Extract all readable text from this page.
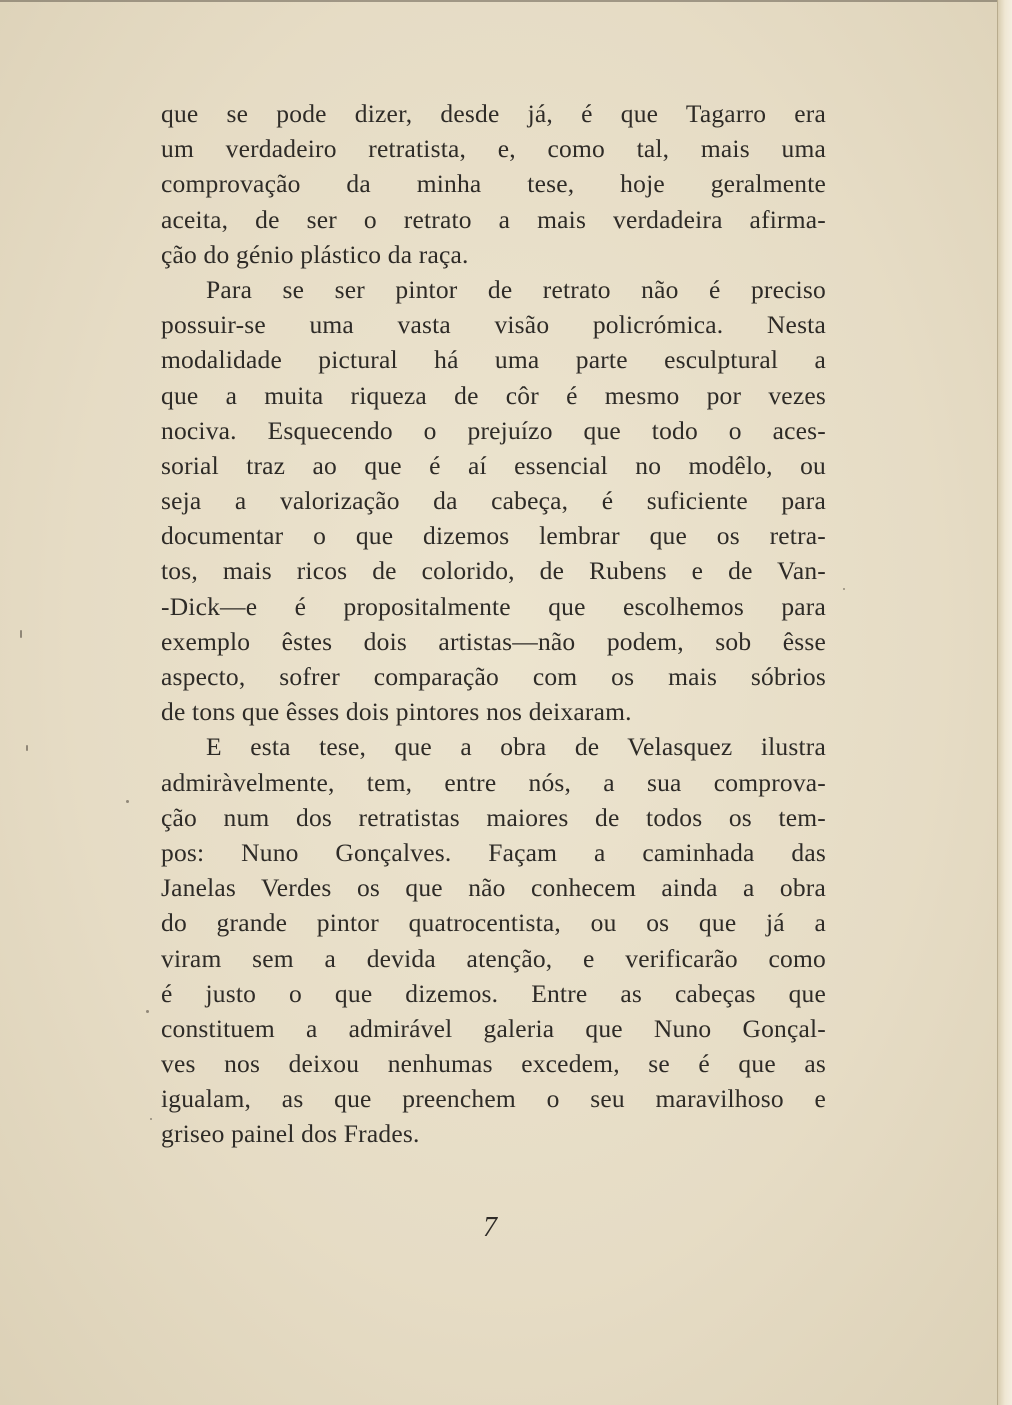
que se pode dizer, desde já, é que Tagarro era
um verdadeiro retratista, e, como tal, mais uma
comprovação da minha tese, hoje geralmente
aceita, de ser o retrato a mais verdadeira afirma-
ção do génio plástico da raça.
Para se ser pintor de retrato não é preciso
possuir-se uma vasta visão policrómica. Nesta
modalidade pictural há uma parte esculptural a
que a muita riqueza de côr é mesmo por vezes
nociva. Esquecendo o prejuízo que todo o aces-
sorial traz ao que é aí essencial no modêlo, ou
seja a valorização da cabeça, é suficiente para
documentar o que dizemos lembrar que os retra-
tos, mais ricos de colorido, de Rubens e de Van-
-Dick—e é propositalmente que escolhemos para
exemplo êstes dois artistas—não podem, sob êsse
aspecto, sofrer comparação com os mais sóbrios
de tons que êsses dois pintores nos deixaram.
E esta tese, que a obra de Velasquez ilustra
admiràvelmente, tem, entre nós, a sua comprova-
ção num dos retratistas maiores de todos os tem-
pos: Nuno Gonçalves. Façam a caminhada das
Janelas Verdes os que não conhecem ainda a obra
do grande pintor quatrocentista, ou os que já a
viram sem a devida atenção, e verificarão como
é justo o que dizemos. Entre as cabeças que
constituem a admirável galeria que Nuno Gonçal-
ves nos deixou nenhumas excedem, se é que as
igualam, as que preenchem o seu maravilhoso e
griseo painel dos Frades.
7
